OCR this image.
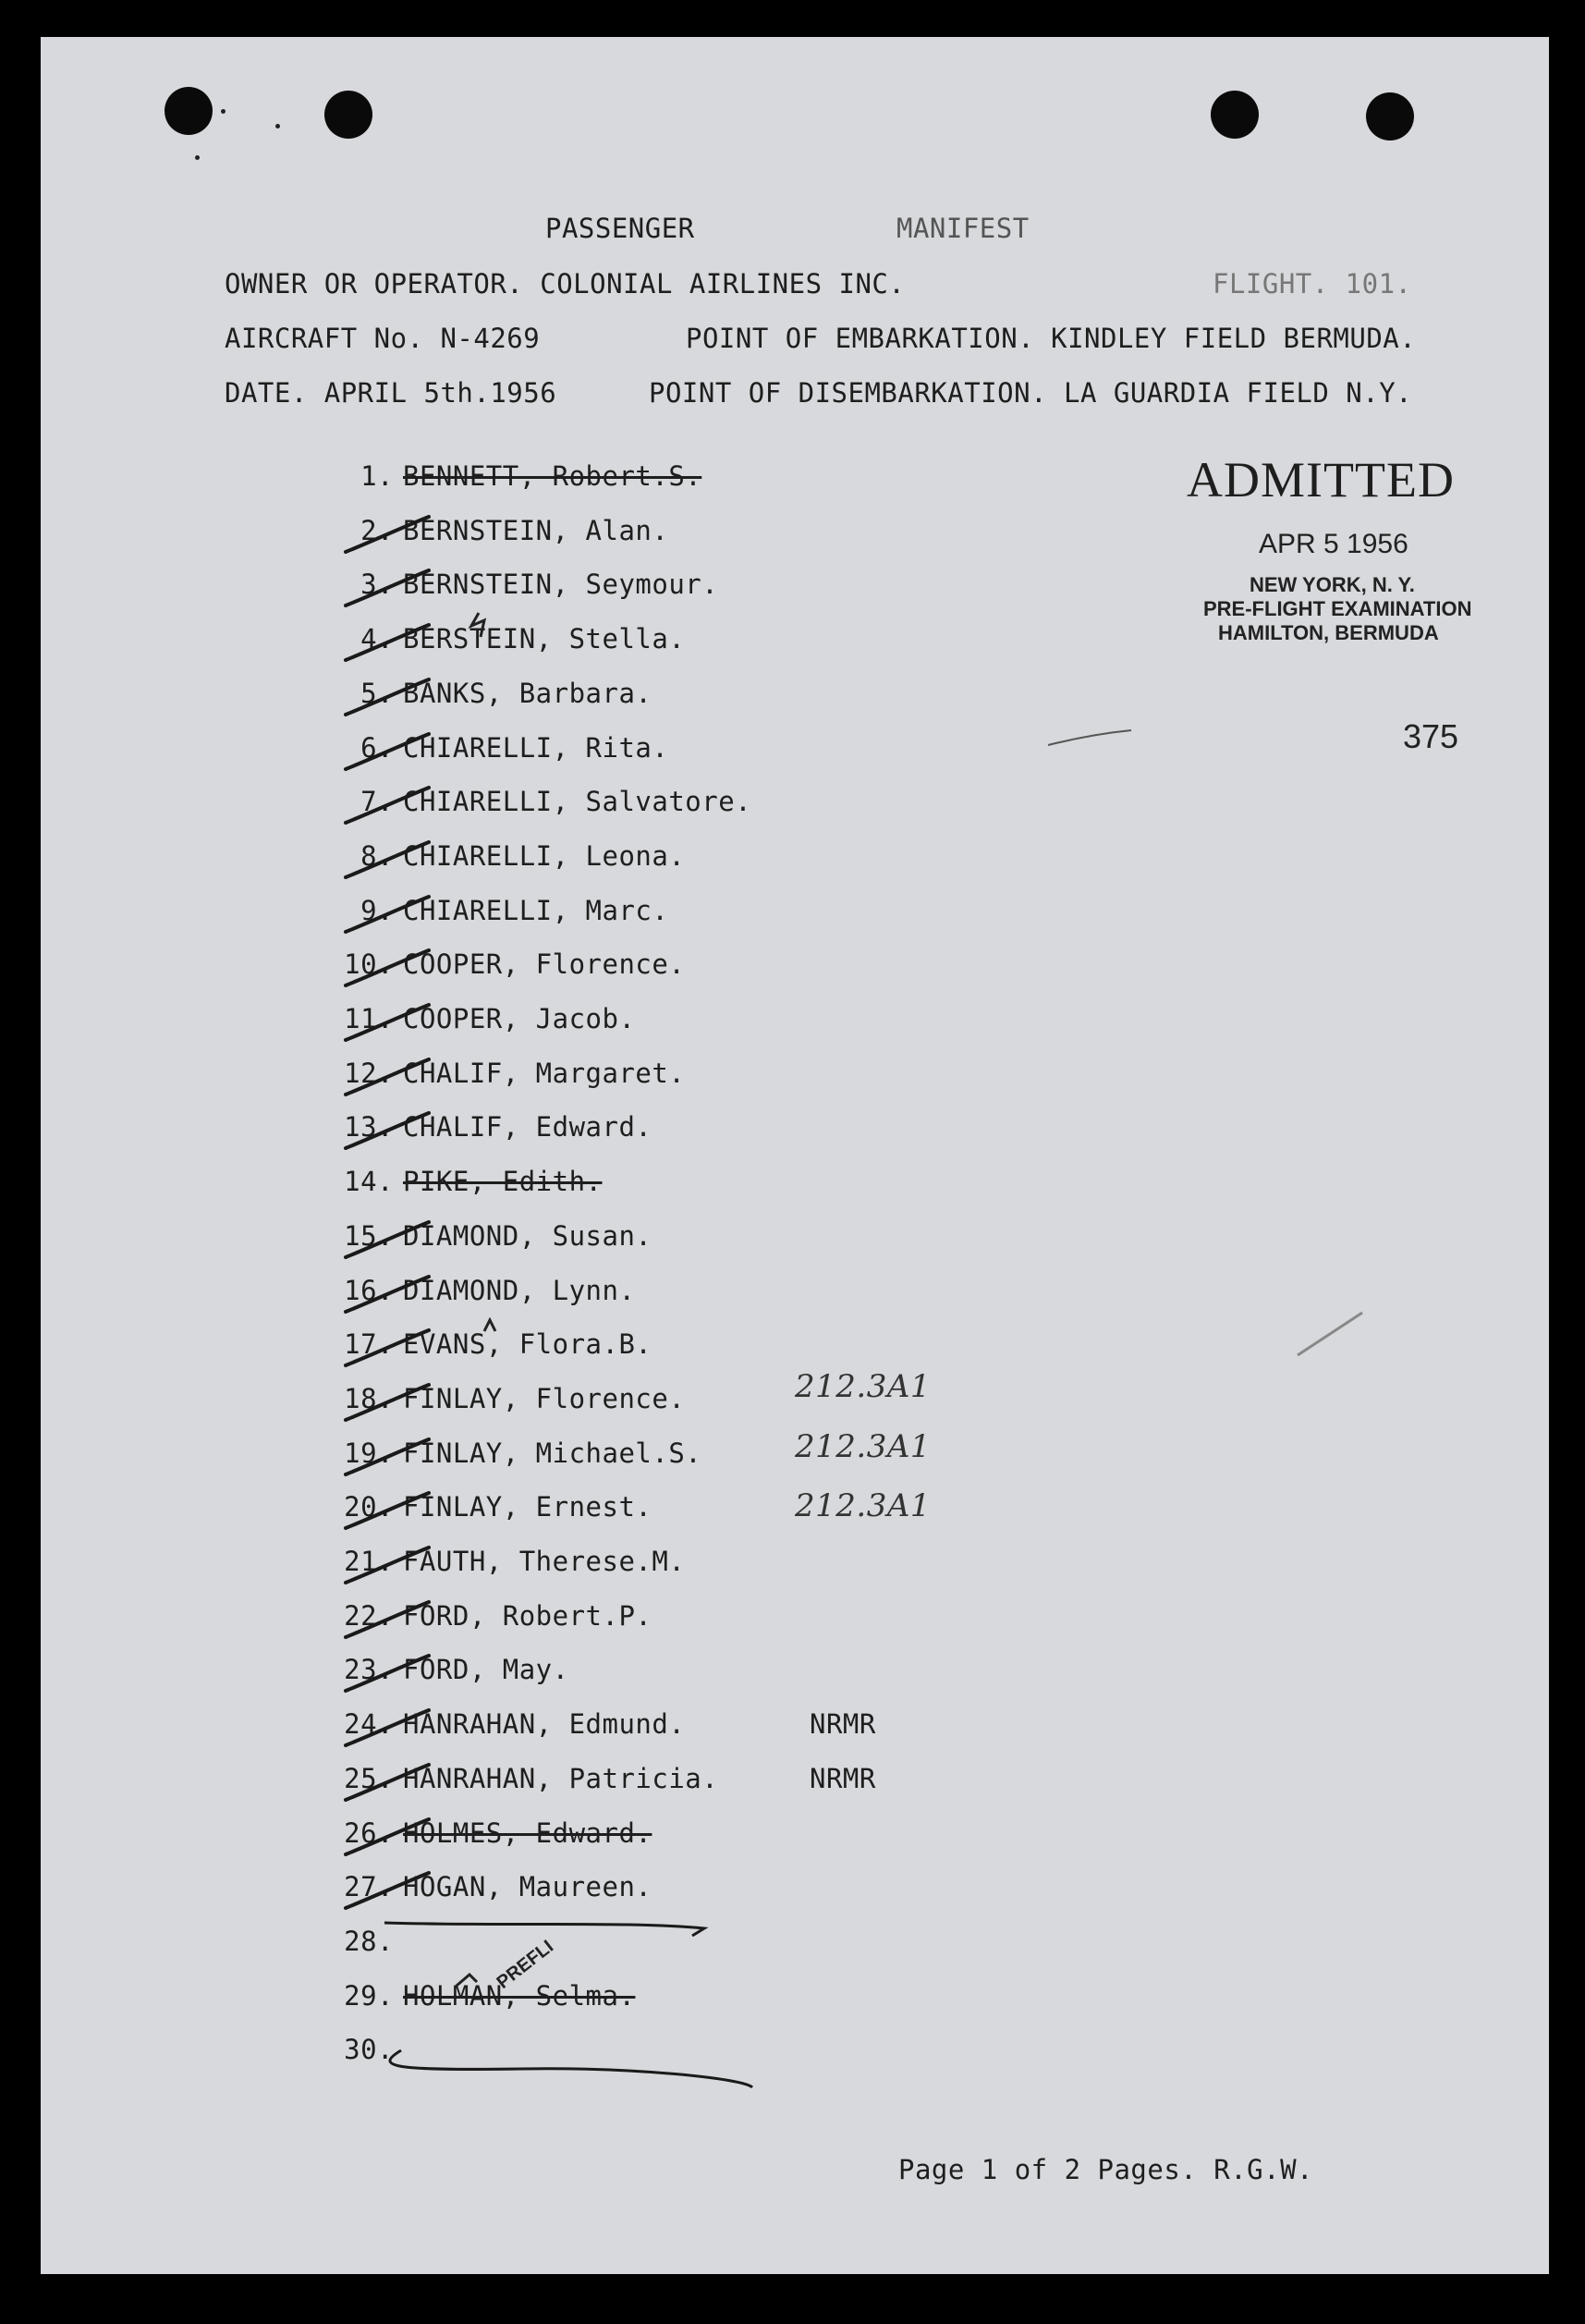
PASSENGER	MANIFEST
OWNER OR OPERATOR. COLONIAL AIRLINES INC.	FLIGHT. 101.
AIRCRAFT No. N-4269	POINT OF EMBARKATION. KINDLEY FIELD BERMUDA.
DATE. APRIL 5th.1956	POINT OF DISEMBARKATION. LA GUARDIA FIELD N.Y.
ADMITTED
APR 5 1956
NEW YORK, N. Y.
PRE-FLIGHT EXAMINATION
HAMILTON, BERMUDA
375
1. BENNETT, Robert.S.
2. BERNSTEIN, Alan.
3. BERNSTEIN, Seymour.
4. BERSTEIN, Stella.
5. BANKS, Barbara.
6. CHIARELLI, Rita.
7. CHIARELLI, Salvatore.
8. CHIARELLI, Leona.
9. CHIARELLI, Marc.
10. COOPER, Florence.
11. COOPER, Jacob.
12. CHALIF, Margaret.
13. CHALIF, Edward.
14. PIKE, Edith.
15. DIAMOND, Susan.
16. DIAMOND, Lynn.
17. EVANS, Flora.B.
18. FINLAY, Florence.	212.3A1
19. FINLAY, Michael.S.	212.3A1
20. FINLAY, Ernest.	212.3A1
21. FAUTH, Therese.M.
22. FORD, Robert.P.
23. FORD, May.
24. HANRAHAN, Edmund.	NRMR
25. HANRAHAN, Patricia.	NRMR
26. HOLMES, Edward.
27. HOGAN, Maureen.
28.
29. HOLMAN, Selma.
30.
PREFLI
Page 1 of 2 Pages. R.G.W.
